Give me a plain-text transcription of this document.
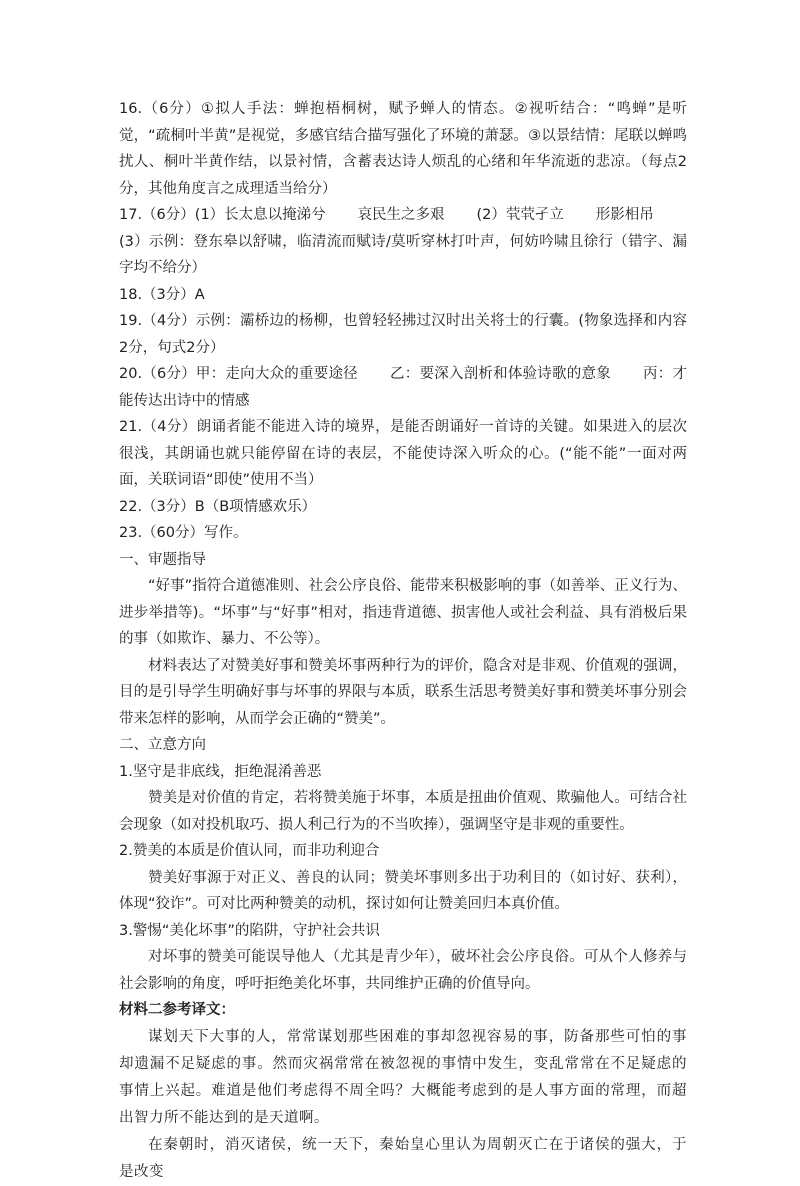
16.（6分）①拟人手法：蝉抱梧桐树，赋予蝉人的情态。②视听结合：“鸣蝉”是听觉，“疏桐叶半黄”是视觉，多感官结合描写强化了环境的萧瑟。③以景结情：尾联以蝉鸣扰人、桐叶半黄作结，以景衬情，含蓄表达诗人烦乱的心绪和年华流逝的悲凉。（每点2分，其他角度言之成理适当给分）

17.（6分）(1）长太息以掩涕兮 哀民生之多艰 (2）茕茕孑立 形影相吊

(3）示例：登东皋以舒啸，临清流而赋诗/莫听穿林打叶声，何妨吟啸且徐行（错字、漏字均不给分）

18.（3分）A

19.（4分）示例：灞桥边的杨柳，也曾轻轻拂过汉时出关将士的行囊。(物象选择和内容2分，句式2分）

20.（6分）甲：走向大众的重要途径 乙：要深入剖析和体验诗歌的意象 丙：才能传达出诗中的情感

21.（4分）朗诵者能不能进入诗的境界，是能否朗诵好一首诗的关键。如果进入的层次很浅，其朗诵也就只能停留在诗的表层，不能使诗深入听众的心。(“能不能”一面对两面，关联词语“即使”使用不当）

22.（3分）B（B项情感欢乐）

23.（60分）写作。

一、审题指导

“好事”指符合道德准则、社会公序良俗、能带来积极影响的事（如善举、正义行为、进步举措等)。“坏事”与“好事”相对，指违背道德、损害他人或社会利益、具有消极后果的事（如欺诈、暴力、不公等）。

材料表达了对赞美好事和赞美坏事两种行为的评价，隐含对是非观、价值观的强调，目的是引导学生明确好事与坏事的界限与本质，联系生活思考赞美好事和赞美坏事分别会带来怎样的影响，从而学会正确的“赞美”。

二、立意方向

1.坚守是非底线，拒绝混淆善恶

赞美是对价值的肯定，若将赞美施于坏事，本质是扭曲价值观、欺骗他人。可结合社会现象（如对投机取巧、损人利己行为的不当吹捧），强调坚守是非观的重要性。

2.赞美的本质是价值认同，而非功利迎合

赞美好事源于对正义、善良的认同；赞美坏事则多出于功利目的（如讨好、获利），体现“狡诈”。可对比两种赞美的动机，探讨如何让赞美回归本真价值。

3.警惕“美化坏事”的陷阱，守护社会共识

对坏事的赞美可能误导他人（尤其是青少年），破坏社会公序良俗。可从个人修养与社会影响的角度，呼吁拒绝美化坏事，共同维护正确的价值导向。

材料二参考译文：

谋划天下大事的人，常常谋划那些困难的事却忽视容易的事，防备那些可怕的事却遗漏不足疑虑的事。然而灾祸常常在被忽视的事情中发生，变乱常常在不足疑虑的事情上兴起。难道是他们考虑得不周全吗？大概能考虑到的是人事方面的常理，而超出智力所不能达到的是天道啊。

在秦朝时，消灭诸侯，统一天下，秦始皇心里认为周朝灭亡在于诸侯的强大，于是改变
